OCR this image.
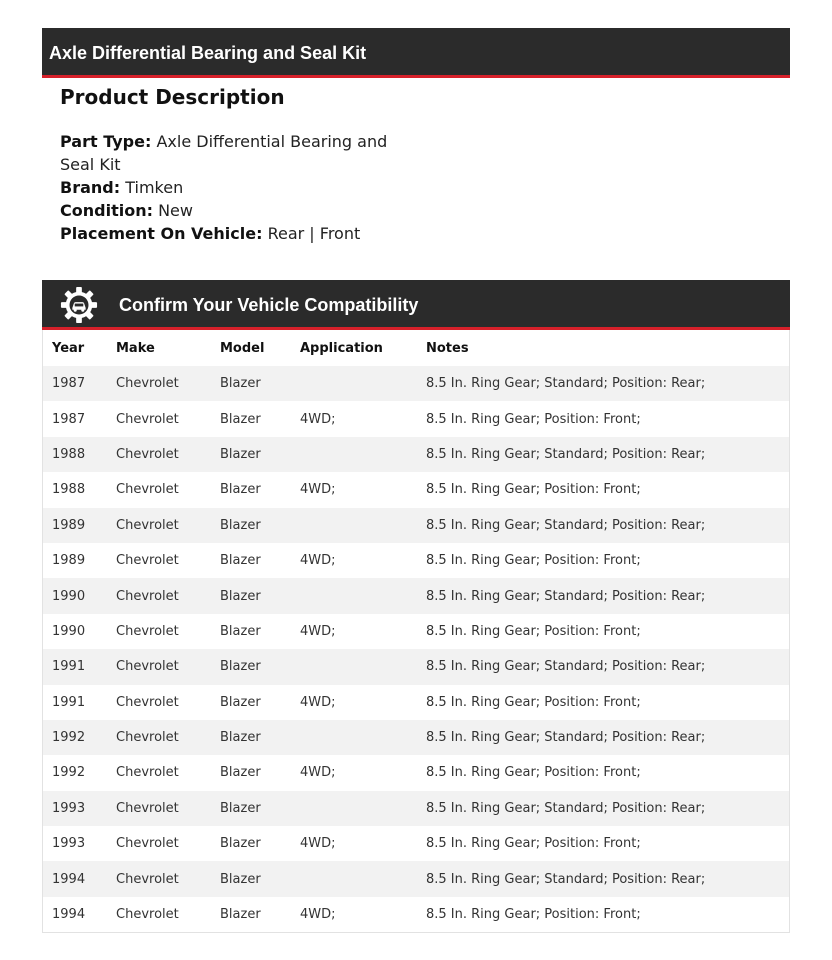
Axle Differential Bearing and Seal Kit
Product Description
Part Type: Axle Differential Bearing and Seal Kit
Brand: Timken
Condition: New
Placement On Vehicle: Rear | Front
Confirm Your Vehicle Compatibility
Year	Make	Model	Application	Notes
1987	Chevrolet	Blazer		8.5 In. Ring Gear; Standard; Position: Rear;
1987	Chevrolet	Blazer	4WD;	8.5 In. Ring Gear; Position: Front;
1988	Chevrolet	Blazer		8.5 In. Ring Gear; Standard; Position: Rear;
1988	Chevrolet	Blazer	4WD;	8.5 In. Ring Gear; Position: Front;
1989	Chevrolet	Blazer		8.5 In. Ring Gear; Standard; Position: Rear;
1989	Chevrolet	Blazer	4WD;	8.5 In. Ring Gear; Position: Front;
1990	Chevrolet	Blazer		8.5 In. Ring Gear; Standard; Position: Rear;
1990	Chevrolet	Blazer	4WD;	8.5 In. Ring Gear; Position: Front;
1991	Chevrolet	Blazer		8.5 In. Ring Gear; Standard; Position: Rear;
1991	Chevrolet	Blazer	4WD;	8.5 In. Ring Gear; Position: Front;
1992	Chevrolet	Blazer		8.5 In. Ring Gear; Standard; Position: Rear;
1992	Chevrolet	Blazer	4WD;	8.5 In. Ring Gear; Position: Front;
1993	Chevrolet	Blazer		8.5 In. Ring Gear; Standard; Position: Rear;
1993	Chevrolet	Blazer	4WD;	8.5 In. Ring Gear; Position: Front;
1994	Chevrolet	Blazer		8.5 In. Ring Gear; Standard; Position: Rear;
1994	Chevrolet	Blazer	4WD;	8.5 In. Ring Gear; Position: Front;
